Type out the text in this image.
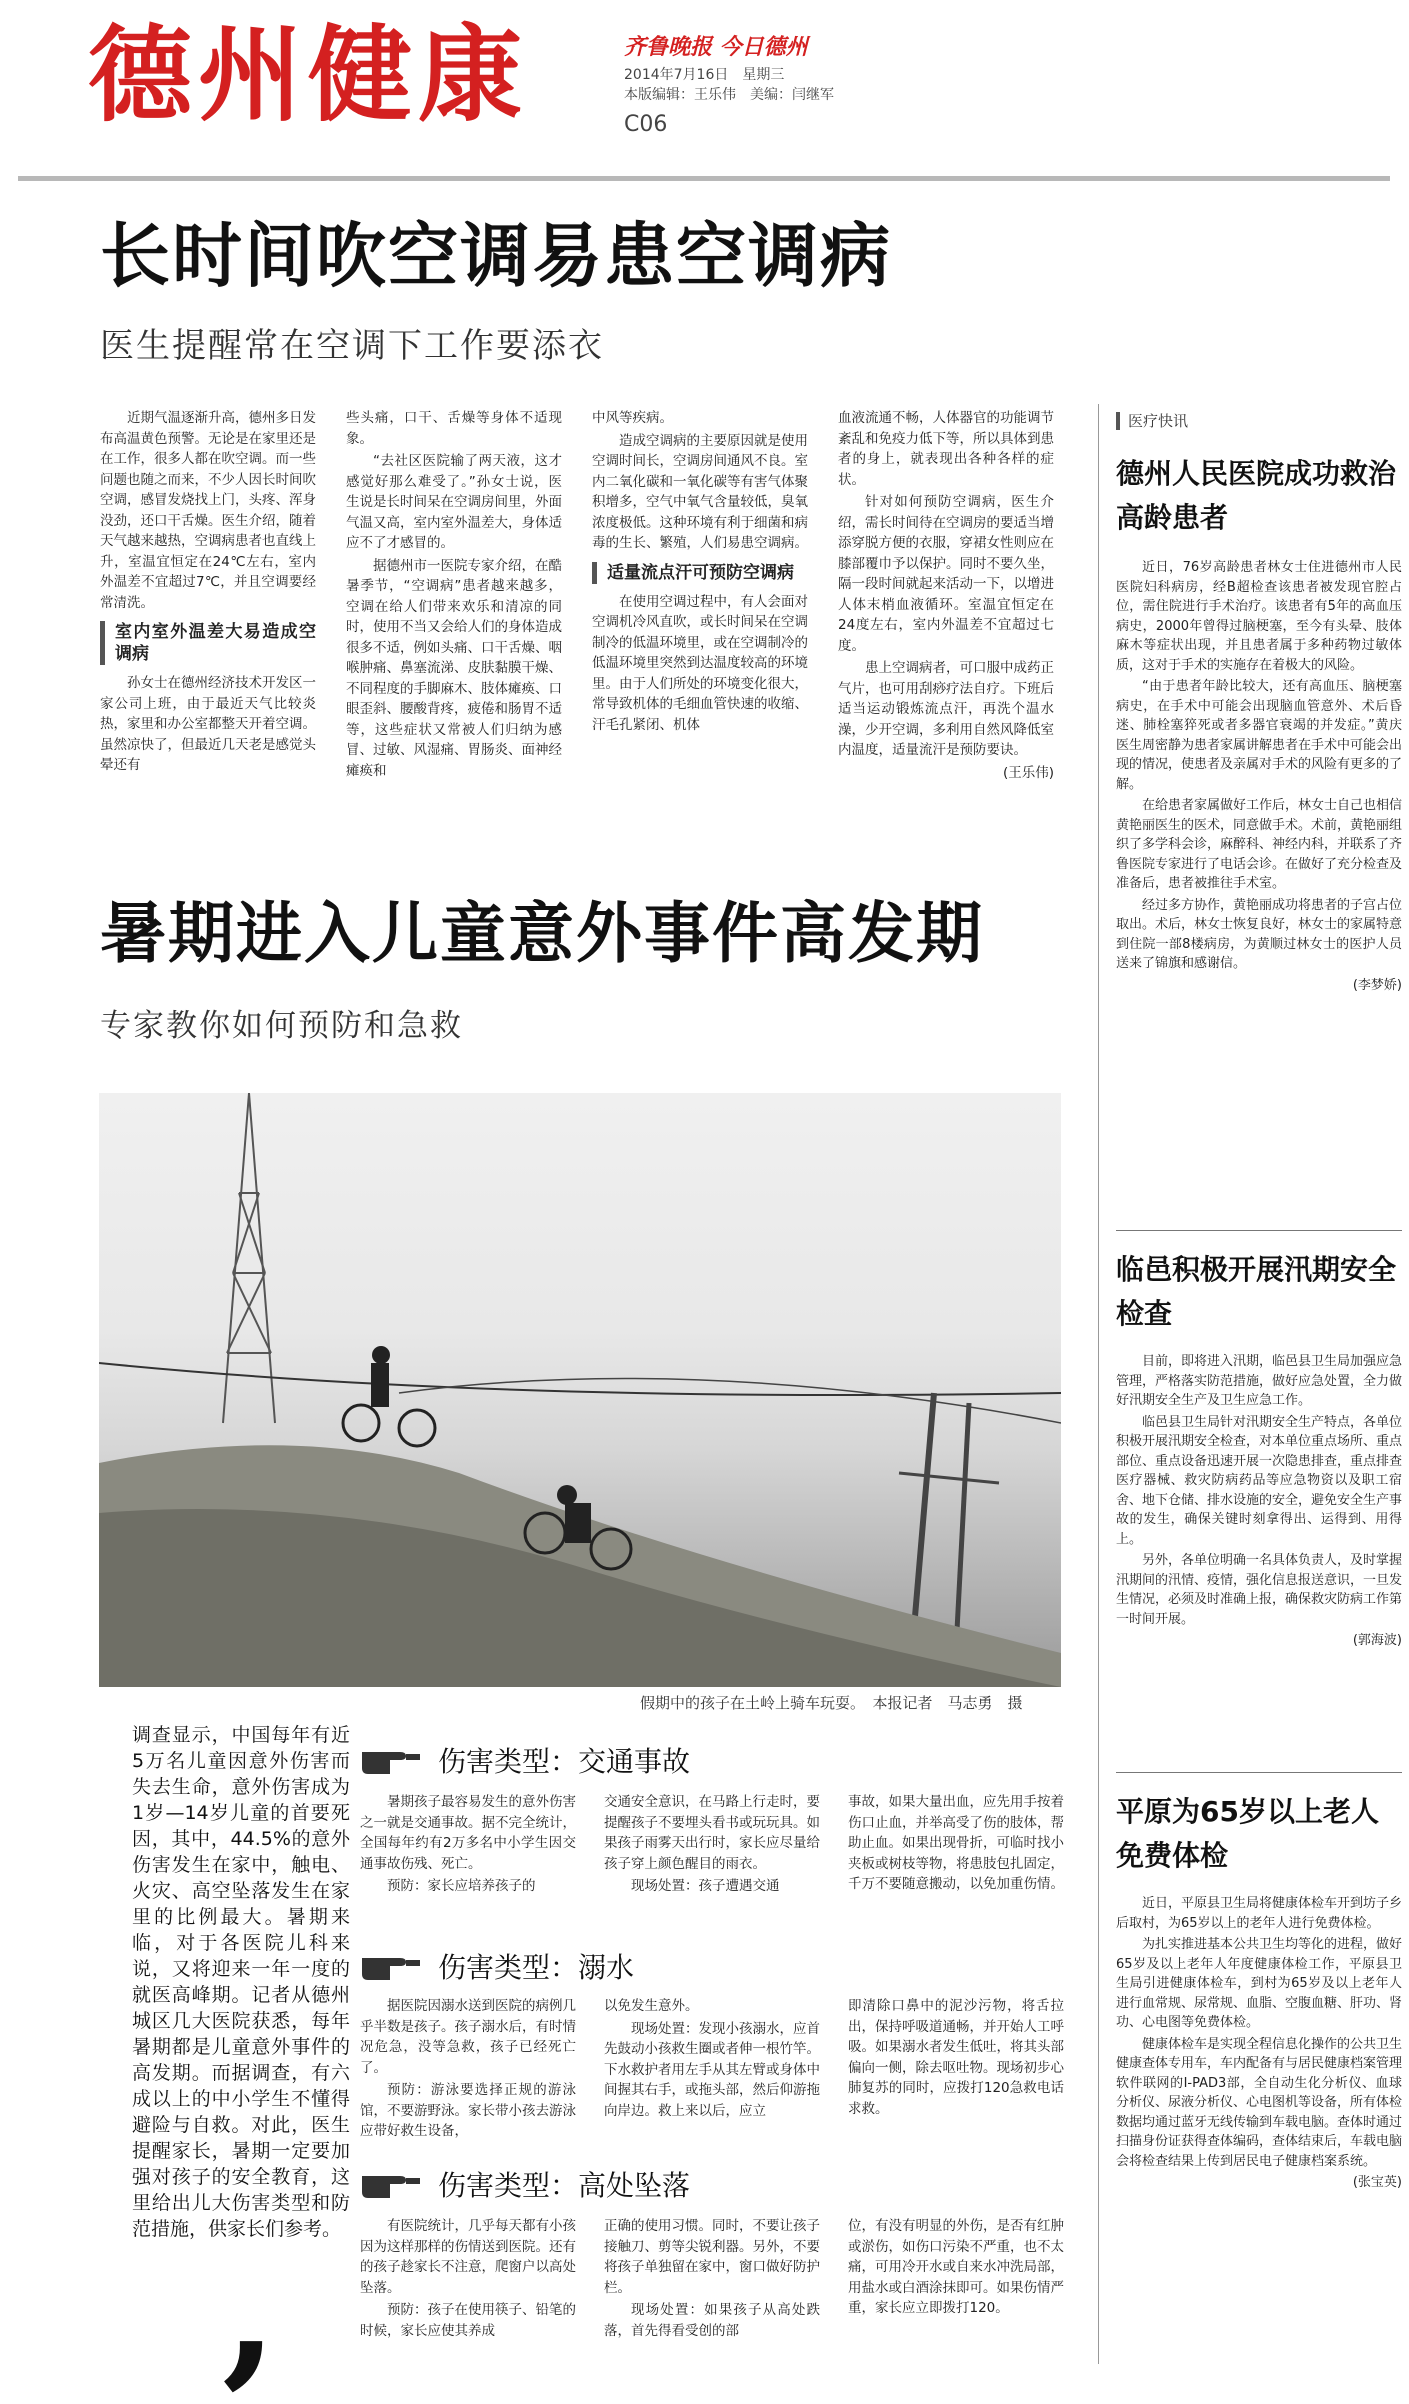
德州健康	齐鲁晚报 今日德州
2014年7月16日　星期三
本版编辑：王乐伟　美编：闫继军
C06
长时间吹空调易患空调病
医生提醒常在空调下工作要添衣

近期气温逐渐升高，德州多日发布高温黄色预警。无论是在家里还是在工作，很多人都在吹空调。而一些问题也随之而来，不少人因长时间吹空调，感冒发烧找上门，头疼、浑身没劲，还口干舌燥。医生介绍，随着天气越来越热，空调病患者也直线上升，室温宜恒定在24℃左右，室内外温差不宜超过7℃，并且空调要经常清洗。

室内室外温差大易造成空调病

孙女士在德州经济技术开发区一家公司上班，由于最近天气比较炎热，家里和办公室都整天开着空调。虽然凉快了，但最近几天老是感觉头晕还有

些头痛，口干、舌燥等身体不适现象。

“去社区医院输了两天液，这才感觉好那么难受了。”孙女士说，医生说是长时间呆在空调房间里，外面气温又高，室内室外温差大，身体适应不了才感冒的。

据德州市一医院专家介绍，在酷暑季节，“空调病”患者越来越多，空调在给人们带来欢乐和清凉的同时，使用不当又会给人们的身体造成很多不适，例如头痛、口干舌燥、咽喉肿痛、鼻塞流涕、皮肤黏膜干燥、不同程度的手脚麻木、肢体瘫痪、口眼歪斜、腰酸背疼，疲倦和肠胃不适等，这些症状又常被人们归纳为感冒、过敏、风湿痛、胃肠炎、面神经瘫痪和

中风等疾病。

造成空调病的主要原因就是使用空调时间长，空调房间通风不良。室内二氧化碳和一氧化碳等有害气体聚积增多，空气中氧气含量较低，臭氧浓度极低。这种环境有利于细菌和病毒的生长、繁殖，人们易患空调病。

适量流点汗可预防空调病

在使用空调过程中，有人会面对空调机冷风直吹，或长时间呆在空调制冷的低温环境里，或在空调制冷的低温环境里突然到达温度较高的环境里。由于人们所处的环境变化很大，常导致机体的毛细血管快速的收缩、汗毛孔紧闭、机体

血液流通不畅，人体器官的功能调节紊乱和免疫力低下等，所以具体到患者的身上，就表现出各种各样的症状。

针对如何预防空调病，医生介绍，需长时间待在空调房的要适当增添穿脱方便的衣服，穿裙女性则应在膝部覆巾予以保护。同时不要久坐，隔一段时间就起来活动一下，以增进人体末梢血液循环。室温宜恒定在24度左右，室内外温差不宜超过七度。

患上空调病者，可口服中成药正气片，也可用刮痧疗法自疗。下班后适当运动锻炼流点汗，再洗个温水澡，少开空调，多利用自然风降低室内温度，适量流汗是预防要诀。

(王乐伟)
暑期进入儿童意外事件高发期
专家教你如何预防和急救
假期中的孩子在土岭上骑车玩耍。　本报记者　马志勇　摄
调查显示，中国每年有近5万名儿童因意外伤害而失去生命，意外伤害成为1岁—14岁儿童的首要死因，其中，44.5%的意外伤害发生在家中，触电、火灾、高空坠落发生在家里的比例最大。暑期来临，对于各医院儿科来说，又将迎来一年一度的就医高峰期。记者从德州城区几大医院获悉，每年暑期都是儿童意外事件的高发期。而据调查，有六成以上的中小学生不懂得避险与自救。对此，医生提醒家长，暑期一定要加强对孩子的安全教育，这里给出儿大伤害类型和防范措施，供家长们参考。
,
伤害类型：交通事故

暑期孩子最容易发生的意外伤害之一就是交通事故。据不完全统计，全国每年约有2万多名中小学生因交通事故伤残、死亡。

预防：家长应培养孩子的

交通安全意识，在马路上行走时，要提醒孩子不要埋头看书或玩玩具。如果孩子雨雾天出行时，家长应尽量给孩子穿上颜色醒目的雨衣。

现场处置：孩子遭遇交通

事故，如果大量出血，应先用手按着伤口止血，并举高受了伤的肢体，帮助止血。如果出现骨折，可临时找小夹板或树枝等物，将患肢包扎固定，千万不要随意搬动，以免加重伤情。

伤害类型：溺水

据医院因溺水送到医院的病例几乎半数是孩子。孩子溺水后，有时情况危急，没等急救，孩子已经死亡了。

预防：游泳要选择正规的游泳馆，不要游野泳。家长带小孩去游泳应带好救生设备，

以免发生意外。

现场处置：发现小孩溺水，应首先鼓动小孩救生圈或者伸一根竹竿。下水救护者用左手从其左臂或身体中间握其右手，或拖头部，然后仰游拖向岸边。救上来以后，应立

即清除口鼻中的泥沙污物，将舌拉出，保持呼吸道通畅，并开始人工呼吸。如果溺水者发生低吐，将其头部偏向一侧，除去呕吐物。现场初步心肺复苏的同时，应拨打120急救电话求救。

伤害类型：高处坠落

有医院统计，几乎每天都有小孩因为这样那样的伤情送到医院。还有的孩子趁家长不注意，爬窗户以高处坠落。

预防：孩子在使用筷子、铅笔的时候，家长应使其养成

正确的使用习惯。同时，不要让孩子接触刀、剪等尖锐利器。另外，不要将孩子单独留在家中，窗口做好防护栏。

现场处置：如果孩子从高处跌落，首先得看受创的部

位，有没有明显的外伤，是否有红肿或淤伤，如伤口污染不严重，也不太痛，可用冷开水或自来水冲洗局部，用盐水或白酒涂抹即可。如果伤情严重，家长应立即拨打120。

医疗快讯
德州人民医院成功救治高龄患者

近日，76岁高龄患者林女士住进德州市人民医院妇科病房，经B超检查该患者被发现官腔占位，需住院进行手术治疗。该患者有5年的高血压病史，2000年曾得过脑梗塞，至今有头晕、肢体麻木等症状出现，并且患者属于多种药物过敏体质，这对于手术的实施存在着极大的风险。

“由于患者年龄比较大，还有高血压、脑梗塞病史，在手术中可能会出现脑血管意外、术后昏迷、肺栓塞猝死或者多器官衰竭的并发症。”黄庆医生周密静为患者家属讲解患者在手术中可能会出现的情况，使患者及亲属对手术的风险有更多的了解。

在给患者家属做好工作后，林女士自己也相信黄艳丽医生的医术，同意做手术。术前，黄艳丽组织了多学科会诊，麻醉科、神经内科，并联系了齐鲁医院专家进行了电话会诊。在做好了充分检查及准备后，患者被推往手术室。

经过多方协作，黄艳丽成功将患者的子宫占位取出。术后，林女士恢复良好，林女士的家属特意到住院一部8楼病房，为黄顺过林女士的医护人员送来了锦旗和感谢信。

(李梦娇)
临邑积极开展汛期安全检查

目前，即将进入汛期，临邑县卫生局加强应急管理，严格落实防范措施，做好应急处置，全力做好汛期安全生产及卫生应急工作。

临邑县卫生局针对汛期安全生产特点，各单位积极开展汛期安全检查，对本单位重点场所、重点部位、重点设备迅速开展一次隐患排查，重点排查医疗器械、救灾防病药品等应急物资以及职工宿舍、地下仓储、排水设施的安全，避免安全生产事故的发生，确保关键时刻拿得出、运得到、用得上。

另外，各单位明确一名具体负责人，及时掌握汛期间的汛情、疫情，强化信息报送意识，一旦发生情况，必须及时准确上报，确保救灾防病工作第一时间开展。

(郭海波)
平原为65岁以上老人免费体检

近日，平原县卫生局将健康体检车开到坊子乡后取村，为65岁以上的老年人进行免费体检。

为扎实推进基本公共卫生均等化的进程，做好65岁及以上老年人年度健康体检工作，平原县卫生局引进健康体检车，到村为65岁及以上老年人进行血常规、尿常规、血脂、空腹血糖、肝功、肾功、心电图等免费体检。

健康体检车是实现全程信息化操作的公共卫生健康查体专用车，车内配备有与居民健康档案管理软件联网的I-PAD3部，全自动生化分析仪、血球分析仪、尿液分析仪、心电图机等设备，所有体检数据均通过蓝牙无线传输到车载电脑。查体时通过扫描身份证获得查体编码，查体结束后，车载电脑会将检查结果上传到居民电子健康档案系统。

(张宝英)
